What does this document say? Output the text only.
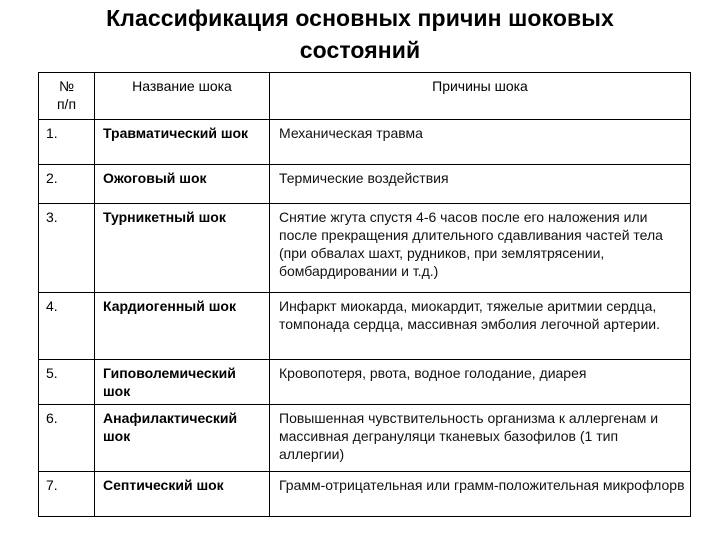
Классификация основных причин шоковых
состояний
№ п/п	Название шока	Причины шока
1.	Травматический шок	Механическая травма
2.	Ожоговый шок	Термические воздействия
3.	Турникетный шок	Снятие жгута спустя 4-6 часов после его наложения или после прекращения длительного сдавливания частей тела (при обвалах шахт, рудников, при землятрясении, бомбардировании и т.д.)
4.	Кардиогенный шок	Инфаркт миокарда, миокардит, тяжелые аритмии сердца, томпонада сердца, массивная эмболия легочной артерии.
5.	Гиповолемический шок	Кровопотеря, рвота, водное голодание, диарея
6.	Анафилактический шок	Повышенная чувствительность организма к аллергенам и массивная дегрануляци тканевых базофилов (1 тип аллергии)
7.	Септический шок	Грамм-отрицательная или грамм-положительная микрофлорв
